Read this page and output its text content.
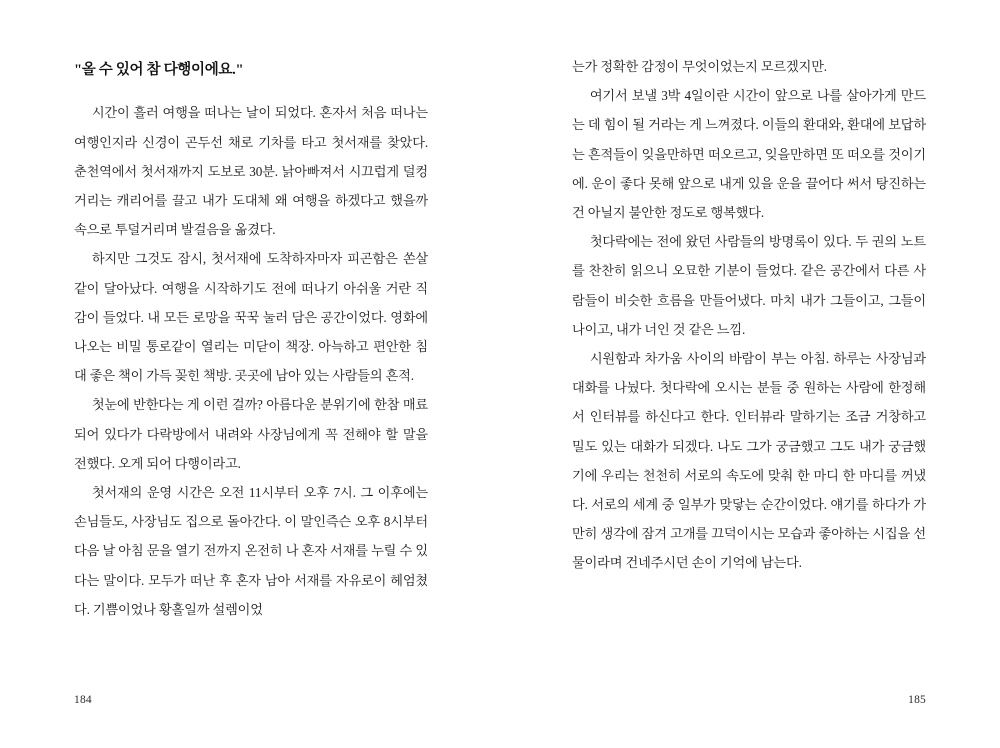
"올 수 있어 참 다행이에요."

시간이 흘러 여행을 떠나는 날이 되었다. 혼자서 처음 떠나는 여행인지라 신경이 곤두선 채로 기차를 타고 첫서재를 찾았다. 춘천역에서 첫서재까지 도보로 30분. 낡아빠져서 시끄럽게 덜컹거리는 캐리어를 끌고 내가 도대체 왜 여행을 하겠다고 했을까 속으로 투덜거리며 발걸음을 옮겼다.

하지만 그것도 잠시, 첫서재에 도착하자마자 피곤함은 쏜살같이 달아났다. 여행을 시작하기도 전에 떠나기 아쉬울 거란 직감이 들었다. 내 모든 로망을 꾹꾹 눌러 담은 공간이었다. 영화에 나오는 비밀 통로같이 열리는 미닫이 책장. 아늑하고 편안한 침대 좋은 책이 가득 꽂힌 책방. 곳곳에 남아 있는 사람들의 흔적.

첫눈에 반한다는 게 이런 걸까? 아름다운 분위기에 한참 매료되어 있다가 다락방에서 내려와 사장님에게 꼭 전해야 할 말을 전했다. 오게 되어 다행이라고.

첫서재의 운영 시간은 오전 11시부터 오후 7시. 그 이후에는 손님들도, 사장님도 집으로 돌아간다. 이 말인즉슨 오후 8시부터 다음 날 아침 문을 열기 전까지 온전히 나 혼자 서재를 누릴 수 있다는 말이다. 모두가 떠난 후 혼자 남아 서재를 자유로이 헤엄쳤다. 기쁨이었나 황홀일까 설렘이었

184

는가 정확한 감정이 무엇이었는지 모르겠지만.

여기서 보낼 3박 4일이란 시간이 앞으로 나를 살아가게 만드는 데 힘이 될 거라는 게 느껴졌다. 이들의 환대와, 환대에 보답하는 흔적들이 잊을만하면 떠오르고, 잊을만하면 또 떠오를 것이기에. 운이 좋다 못해 앞으로 내게 있을 운을 끌어다 써서 탕진하는 건 아닐지 불안한 정도로 행복했다.

첫다락에는 전에 왔던 사람들의 방명록이 있다. 두 권의 노트를 찬찬히 읽으니 오묘한 기분이 들었다. 같은 공간에서 다른 사람들이 비슷한 흐름을 만들어냈다. 마치 내가 그들이고, 그들이 나이고, 내가 너인 것 같은 느낌.

시원함과 차가움 사이의 바람이 부는 아침. 하루는 사장님과 대화를 나눴다. 첫다락에 오시는 분들 중 원하는 사람에 한정해서 인터뷰를 하신다고 한다. 인터뷰라 말하기는 조금 거창하고 밀도 있는 대화가 되겠다. 나도 그가 궁금했고 그도 내가 궁금했기에 우리는 천천히 서로의 속도에 맞춰 한 마디 한 마디를 꺼냈다. 서로의 세계 중 일부가 맞닿는 순간이었다. 얘기를 하다가 가만히 생각에 잠겨 고개를 끄덕이시는 모습과 좋아하는 시집을 선물이라며 건네주시던 손이 기억에 남는다.

185
